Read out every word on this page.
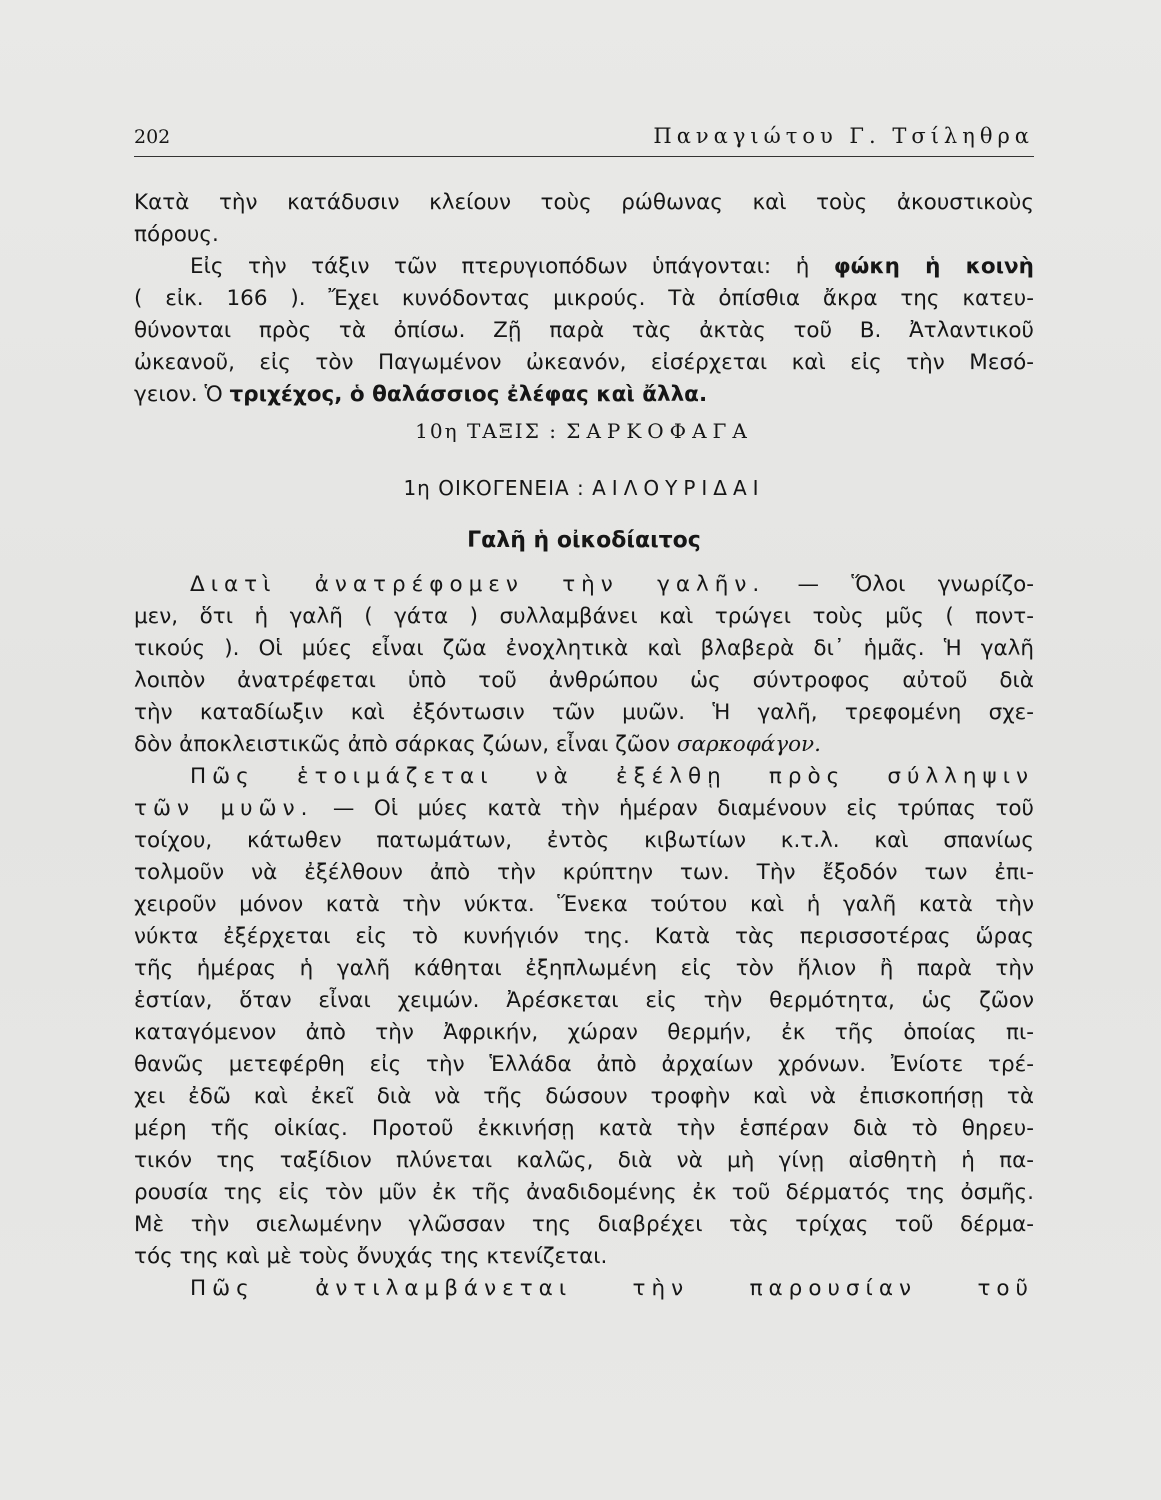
202	Παναγιώτου Γ. Τσίληθρα
Κατὰ τὴν κατάδυσιν κλείουν τοὺς ρώθωνας καὶ τοὺς ἀκουστικοὺς
πόρους.
Εἰς τὴν τάξιν τῶν πτερυγιοπόδων ὑπάγονται: ἡ φώκη ἡ κοινὴ
( εἰκ. 166 ). Ἔχει κυνόδοντας μικρούς. Τὰ ὀπίσθια ἄκρα της κατευ-
θύνονται πρὸς τὰ ὀπίσω. Ζῇ παρὰ τὰς ἀκτὰς τοῦ Β. Ἀτλαντικοῦ
ὠκεανοῦ, εἰς τὸν Παγωμένον ὠκεανόν, εἰσέρχεται καὶ εἰς τὴν Μεσό-
γειον. Ὁ τριχέχος, ὁ θαλάσσιος ἐλέφας καὶ ἄλλα.
10η ΤΑΞΙΣ : ΣΑΡΚΟΦΑΓΑ
1η ΟΙΚΟΓΕΝΕΙΑ : ΑΙΛΟΥΡΙΔΑΙ
Γαλῆ ἡ οἰκοδίαιτος
Διατὶ ἀνατρέφομεν τὴν γαλῆν. — Ὅλοι γνωρίζο-
μεν, ὅτι ἡ γαλῆ ( γάτα ) συλλαμβάνει καὶ τρώγει τοὺς μῦς ( ποντ-
τικούς ). Οἱ μύες εἶναι ζῶα ἐνοχλητικὰ καὶ βλαβερὰ δι᾽ ἡμᾶς. Ἡ γαλῆ
λοιπὸν ἀνατρέφεται ὑπὸ τοῦ ἀνθρώπου ὡς σύντροφος αὐτοῦ διὰ
τὴν καταδίωξιν καὶ ἐξόντωσιν τῶν μυῶν. Ἡ γαλῆ, τρεφομένη σχε-
δὸν ἀποκλειστικῶς ἀπὸ σάρκας ζώων, εἶναι ζῶον σαρκοφάγον.
Πῶς ἑτοιμάζεται νὰ ἐξέλθῃ πρὸς σύλληψιν
τῶν μυῶν. — Οἱ μύες κατὰ τὴν ἡμέραν διαμένουν εἰς τρύπας τοῦ
τοίχου, κάτωθεν πατωμάτων, ἐντὸς κιβωτίων κ.τ.λ. καὶ σπανίως
τολμοῦν νὰ ἐξέλθουν ἀπὸ τὴν κρύπτην των. Τὴν ἔξοδόν των ἐπι-
χειροῦν μόνον κατὰ τὴν νύκτα. Ἕνεκα τούτου καὶ ἡ γαλῆ κατὰ τὴν
νύκτα ἐξέρχεται εἰς τὸ κυνήγιόν της. Κατὰ τὰς περισσοτέρας ὥρας
τῆς ἡμέρας ἡ γαλῆ κάθηται ἐξηπλωμένη εἰς τὸν ἥλιον ἢ παρὰ τὴν
ἑστίαν, ὅταν εἶναι χειμών. Ἀρέσκεται εἰς τὴν θερμότητα, ὡς ζῶον
καταγόμενον ἀπὸ τὴν Ἀφρικήν, χώραν θερμήν, ἐκ τῆς ὁποίας πι-
θανῶς μετεφέρθη εἰς τὴν Ἑλλάδα ἀπὸ ἀρχαίων χρόνων. Ἐνίοτε τρέ-
χει ἐδῶ καὶ ἐκεῖ διὰ νὰ τῆς δώσουν τροφὴν καὶ νὰ ἐπισκοπήσῃ τὰ
μέρη τῆς οἰκίας. Προτοῦ ἐκκινήσῃ κατὰ τὴν ἑσπέραν διὰ τὸ θηρευ-
τικόν της ταξίδιον πλύνεται καλῶς, διὰ νὰ μὴ γίνῃ αἰσθητὴ ἡ πα-
ρουσία της εἰς τὸν μῦν ἐκ τῆς ἀναδιδομένης ἐκ τοῦ δέρματός της ὀσμῆς.
Μὲ τὴν σιελωμένην γλῶσσαν της διαβρέχει τὰς τρίχας τοῦ δέρμα-
τός της καὶ μὲ τοὺς ὄνυχάς της κτενίζεται.
Πῶς ἀντιλαμβάνεται τὴν παρουσίαν τοῦ
